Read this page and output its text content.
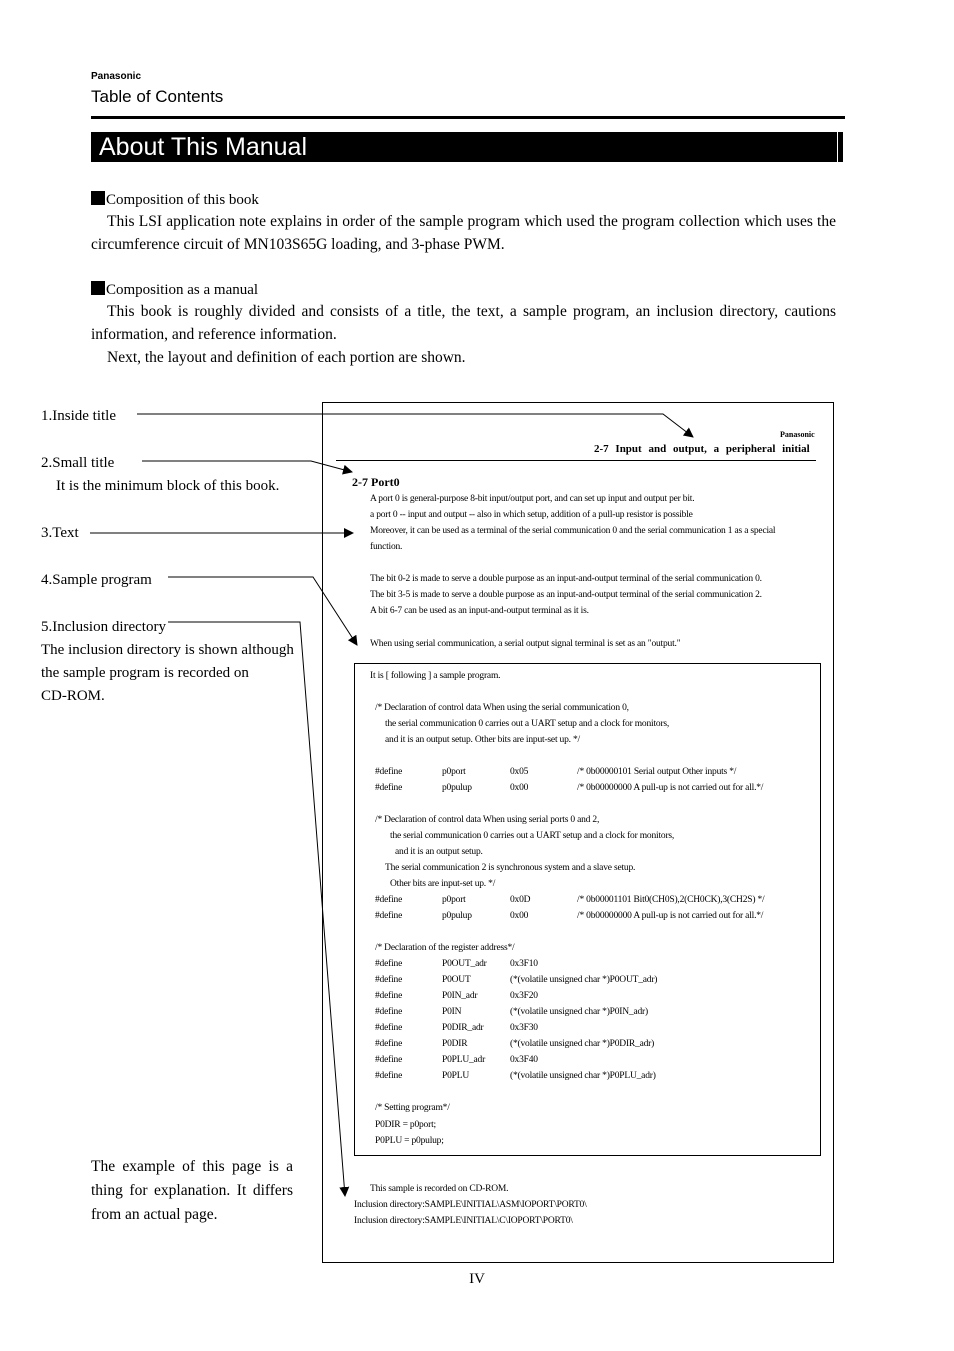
Panasonic
Table of Contents
About This Manual
Composition of this book
This LSI application note explains in order of the sample program which used the program collection which uses the circumference circuit of MN103S65G loading, and 3-phase PWM.
Composition as a manual
This book is roughly divided and consists of a title, the text, a sample program, an inclusion directory, cautions information, and reference information.
Next, the layout and definition of each portion are shown.
1.Inside title
2.Small title
It is the minimum block of this book.
3.Text
4.Sample program
5.Inclusion directory
The inclusion directory is shown although
the sample program is recorded on
CD-ROM.
The example of this page is a thing for explanation. It differs from an actual page.
Panasonic
2-7 Input and output, a peripheral initial
2-7 Port0
A port 0 is general-purpose 8-bit input/output port, and can set up input and output per bit.
a port 0 -- input and output -- also in which setup, addition of a pull-up resistor is possible
Moreover, it can be used as a terminal of the serial communication 0 and the serial communication 1 as a special
function.
The bit 0-2 is made to serve a double purpose as an input-and-output terminal of the serial communication 0.
The bit 3-5 is made to serve a double purpose as an input-and-output terminal of the serial communication 2.
A bit 6-7 can be used as an input-and-output terminal as it is.
When using serial communication, a serial output signal terminal is set as an "output."
It is [ following ] a sample program.
/* Declaration of control data When using the serial communication 0,
the serial communication 0 carries out a UART setup and a clock for monitors,
and it is an output setup. Other bits are input-set up. */
#define	p0port	0x05	/* 0b00000101 Serial output Other inputs */
#define	p0pulup	0x00	/* 0b00000000 A pull-up is not carried out for all.*/
/* Declaration of control data When using serial ports 0 and 2,
the serial communication 0 carries out a UART setup and a clock for monitors,
and it is an output setup.
The serial communication 2 is synchronous system and a slave setup.
Other bits are input-set up. */
#define	p0port	0x0D	/* 0b00001101 Bit0(CH0S),2(CH0CK),3(CH2S) */
#define	p0pulup	0x00	/* 0b00000000 A pull-up is not carried out for all.*/
/* Declaration of the register address*/
#define	P0OUT_adr 0x3F10
#define	P0OUT	(*(volatile unsigned char *)P0OUT_adr)
#define	P0IN_adr	0x3F20
#define	P0IN	(*(volatile unsigned char *)P0IN_adr)
#define	P0DIR_adr	0x3F30
#define	P0DIR	(*(volatile unsigned char *)P0DIR_adr)
#define	P0PLU_adr	0x3F40
#define	P0PLU	(*(volatile unsigned char *)P0PLU_adr)
/* Setting program*/
P0DIR = p0port;
P0PLU = p0pulup;
This sample is recorded on CD-ROM.
Inclusion directory:SAMPLE\INITIAL\ASM\IOPORT\PORT0\
Inclusion directory:SAMPLE\INITIAL\C\IOPORT\PORT0\
IV
